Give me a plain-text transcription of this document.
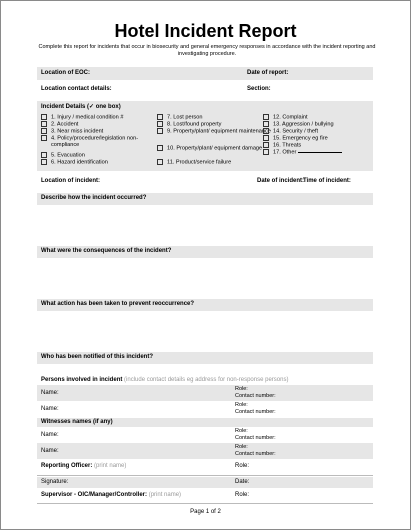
Hotel Incident Report
Complete this report for incidents that occur in biosecurity and general emergency responses in accordance with the incident reporting and investigating procedure.
Location of EOC:	Date of report:
Location contact details:	Section:
Incident Details (✓ one box)
1. Injury / medical condition #
2. Accident
3. Near miss incident
4. Policy/procedure/legislation non-compliance
5. Evacuation
6. Hazard identification
7. Lost person
8. Lost/found property
9. Property/plant/ equipment maintenance
10. Property/plant/ equipment damage
11. Product/service failure
12. Complaint
13. Aggression / bullying
14. Security / theft
15. Emergency eg fire
16. Threats
17. Other
Location of incident:	Date of incident:
Time of incident:
Describe how the incident occurred?
What were the consequences of the incident?
What action has been taken to prevent reoccurrence?
Who has been notified of this incident?
Persons involved in incident (include contact details eg address for non-response persons)
Name:
Role:
Contact number:
Name:
Role:
Contact number:
Witnesses names (if any)
Name:
Role:
Contact number:
Name:
Role:
Contact number:
Reporting Officer: (print name)	Role:
Signature:	Date:
Supervisor - OIC/Manager/Controller: (print name)	Role:
Page 1 of 2
